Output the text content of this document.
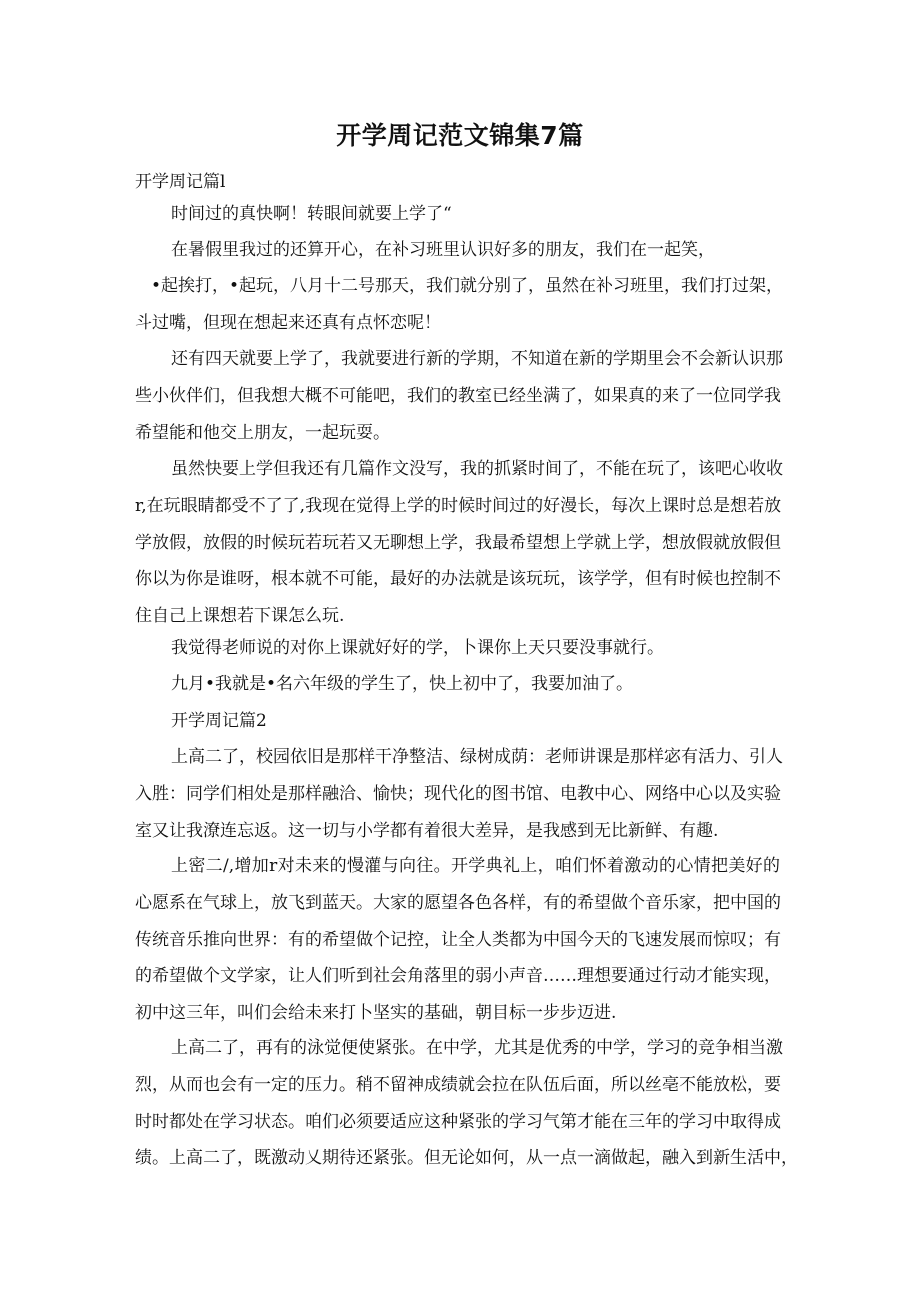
开学周记范文锦集7篇
开学周记篇l
时间过的真快啊！转眼间就要上学了“
在暑假里我过的还算开心，在补习班里认识好多的朋友，我们在一起笑，
•起挨打，•起玩，八月十二号那天，我们就分别了，虽然在补习班里，我们打过架，
斗过嘴，但现在想起来还真有点怀恋呢！
还有四天就要上学了，我就要进行新的学期，不知道在新的学期里会不会新认识那
些小伙伴们，但我想大概不可能吧，我们的教室已经坐满了，如果真的来了一位同学我
希望能和他交上朋友，一起玩耍。
虽然快要上学但我还有几篇作文没写，我的抓紧时间了，不能在玩了，该吧心收收
r,在玩眼睛都受不了了,我现在觉得上学的时候时间过的好漫长，每次上课时总是想若放
学放假，放假的时候玩若玩若又无聊想上学，我最希望想上学就上学，想放假就放假但
你以为你是谁呀，根本就不可能，最好的办法就是该玩玩，该学学，但有时候也控制不
住自己上课想若下课怎么玩.
我觉得老师说的对你上课就好好的学，卜课你上天只要没事就行。
九月•我就是•名六年级的学生了，快上初中了，我要加油了。
开学周记篇2
上高二了，校园依旧是那样干净整洁、绿树成荫：老师讲课是那样宓有活力、引人
入胜：同学们相处是那样融洽、愉快；现代化的图书馆、电教中心、网络中心以及实验
室又让我潦连忘返。这一切与小学都有着很大差异，是我感到无比新鲜、有趣.
上密二/,增加r对未来的慢灌与向往。开学典礼上，咱们怀着激动的心情把美好的
心愿系在气球上，放飞到蓝天。大家的愿望各色各样，有的希望做个音乐家，把中国的
传统音乐推向世界：有的希望做个记控，让全人类都为中国今天的飞速发展而惊叹；有
的希望做个文学家，让人们听到社会角落里的弱小声音……理想要通过行动才能实现，
初中这三年，叫们会给未来打卜坚实的基础，朝目标一步步迈进.
上高二了，再有的泳觉便使紧张。在中学，尤其是优秀的中学，学习的竞争相当激
烈，从而也会有一定的压力。稍不留神成绩就会拉在队伍后面，所以丝亳不能放松，要
时时都处在学习状态。咱们必须要适应这种紧张的学习气第才能在三年的学习中取得成
绩。上高二了，既激动乂期待还紧张。但无论如何，从一点一滴做起，融入到新生活中，
